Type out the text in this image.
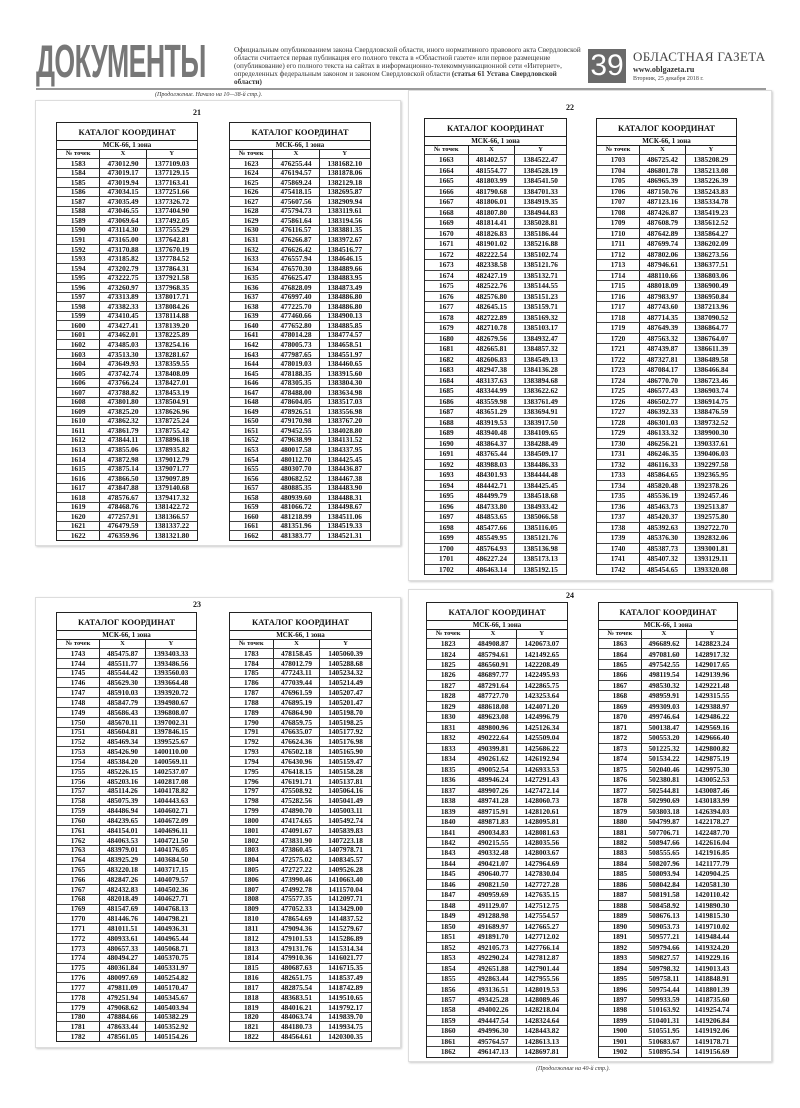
ДОКУМЕНТЫ	Официальным опубликованием закона Свердловской области, иного нормативного правового акта Свердловской области считается первая публикация его полного текста в «Областной газете» или первое размещение (опубликование) его полного текста на сайтах в информационно-телекоммуникационной сети «Интернет», определенных федеральным законом и законом Свердловской области (статья 61 Устава Свердловской области)	39 ОБЛАСТНАЯ ГАЗЕТА
www.oblgazeta.ru
Вторник, 25 декабря 2018 г.
(Продолжение. Начало на 10—38-й стр.).
(Продолжение на 40-й стр.).
21
КАТАЛОГ КООРДИНАТ
МСК-66, 1 зона
№ точек	X	Y
1583	473012.90	1377109.03
1584	473019.17	1377129.15
1585	473019.94	1377163.41
1586	473034.15	1377251.66
1587	473035.49	1377326.72
1588	473046.55	1377404.90
1589	473069.64	1377492.05
1590	473114.30	1377555.29
1591	473165.00	1377642.81
1592	473170.88	1377670.19
1593	473185.82	1377784.52
1594	473202.79	1377864.31
1595	473222.75	1377921.58
1596	473260.97	1377968.35
1597	473313.89	1378017.71
1598	473382.33	1378084.26
1599	473410.45	1378114.88
1600	473427.41	1378139.20
1601	473462.01	1378225.89
1602	473485.03	1378254.16
1603	473513.30	1378281.67
1604	473649.93	1378359.55
1605	473742.74	1378408.09
1606	473766.24	1378427.01
1607	473788.82	1378453.19
1608	473801.80	1378504.91
1609	473825.20	1378626.96
1610	473862.32	1378725.24
1611	473861.79	1378755.42
1612	473844.11	1378896.18
1613	473855.06	1378935.82
1614	473872.98	1379012.79
1615	473875.14	1379071.77
1616	473866.50	1379097.89
1617	473847.88	1379140.68
1618	478576.67	1379417.32
1619	478468.76	1381422.72
1620	477257.91	1381366.57
1621	476479.59	1381337.22
1622	476359.96	1381321.80
КАТАЛОГ КООРДИНАТ
МСК-66, 1 зона
№ точек	X	Y
1623	476255.44	1381682.10
1624	476194.57	1381878.06
1625	475869.24	1382129.18
1626	475418.15	1382695.87
1627	475607.56	1382909.94
1628	475794.73	1383119.61
1629	475861.64	1383194.56
1630	476116.57	1383881.35
1631	476266.87	1383972.67
1632	476626.42	1384516.77
1633	476557.94	1384646.15
1634	476570.30	1384889.66
1635	476625.47	1384883.95
1636	476828.09	1384873.49
1637	476997.40	1384886.80
1638	477225.70	1384886.80
1639	477460.66	1384900.13
1640	477652.80	1384885.85
1641	478014.28	1384774.57
1642	478005.73	1384658.51
1643	477987.65	1384551.97
1644	478019.03	1384460.65
1645	478188.35	1383915.60
1646	478305.35	1383804.30
1647	478488.00	1383634.98
1648	478604.05	1383517.03
1649	478926.51	1383556.98
1650	479170.98	1383767.20
1651	479452.55	1384028.80
1652	479638.99	1384131.52
1653	480017.58	1384337.95
1654	480112.70	1384425.45
1655	480307.70	1384436.87
1656	480682.52	1384467.38
1657	480885.35	1384483.90
1658	480939.60	1384488.31
1659	481066.72	1384498.67
1660	481218.99	1384511.06
1661	481351.96	1384519.33
1662	481383.77	1384521.31
22
КАТАЛОГ КООРДИНАТ
МСК-66, 1 зона
№ точек	X	Y
1663	481402.57	1384522.47
1664	481554.77	1384528.19
1665	481803.99	1384541.50
1666	481790.68	1384701.33
1667	481806.01	1384919.35
1668	481807.80	1384944.83
1669	481814.41	1385028.81
1670	481826.83	1385186.44
1671	481901.02	1385216.88
1672	482222.54	1385102.74
1673	482338.58	1385121.76
1674	482427.19	1385132.71
1675	482522.76	1385144.55
1676	482576.80	1385151.23
1677	482645.15	1385159.71
1678	482722.89	1385169.32
1679	482710.78	1385103.17
1680	482679.56	1384932.47
1681	482665.81	1384857.32
1682	482606.83	1384549.13
1683	482947.38	1384136.28
1684	483137.63	1383894.68
1685	483344.99	1383622.62
1686	483559.98	1383761.49
1687	483651.29	1383694.91
1688	483919.53	1383917.50
1689	483940.48	1384109.65
1690	483864.37	1384288.49
1691	483765.44	1384509.17
1692	483988.03	1384486.33
1693	484301.93	1384444.48
1694	484442.71	1384425.45
1695	484499.79	1384518.68
1696	484733.80	1384933.42
1697	484853.65	1385066.58
1698	485477.66	1385116.05
1699	485549.95	1385121.76
1700	485764.93	1385136.98
1701	486227.24	1385173.13
1702	486463.14	1385192.15
КАТАЛОГ КООРДИНАТ
МСК-66, 1 зона
№ точек	X	Y
1703	486725.42	1385208.29
1704	486801.78	1385213.08
1705	486965.39	1385226.39
1706	487150.76	1385243.83
1707	487123.16	1385334.78
1708	487426.87	1385419.23
1709	487608.79	1385612.52
1710	487642.89	1385864.27
1711	487699.74	1386202.09
1712	487802.06	1386273.56
1713	487946.61	1386377.51
1714	488110.66	1386803.06
1715	488018.09	1386900.49
1716	487983.97	1386950.84
1717	487743.60	1387213.96
1718	487714.35	1387090.52
1719	487649.39	1386864.77
1720	487563.32	1386764.07
1721	487439.87	1386611.39
1722	487327.81	1386489.58
1723	487084.17	1386466.84
1724	486770.70	1386723.46
1725	486577.43	1386903.74
1726	486502.77	1386914.75
1727	486392.33	1388476.59
1728	486301.03	1389732.52
1729	486133.32	1389900.30
1730	486256.21	1390337.61
1731	486246.35	1390406.03
1732	486116.33	1392297.58
1733	485864.65	1392365.95
1734	485820.48	1392378.26
1735	485536.19	1392457.46
1736	485463.73	1392513.87
1737	485420.37	1392575.80
1738	485392.63	1392722.70
1739	485376.30	1392832.06
1740	485387.73	1393001.81
1741	485407.32	1393129.11
1742	485454.65	1393320.08
23
КАТАЛОГ КООРДИНАТ
МСК-66, 1 зона
№ точек	X	Y
1743	485475.87	1393403.33
1744	485511.77	1393486.56
1745	485544.42	1393560.03
1746	485629.30	1393664.48
1747	485910.03	1393920.72
1748	485847.79	1394980.67
1749	485686.43	1396808.07
1750	485670.11	1397002.31
1751	485604.81	1397846.15
1752	485469.34	1399525.67
1753	485426.90	1400110.00
1754	485384.20	1400569.11
1755	485226.15	1402537.07
1756	485203.16	1402817.08
1757	485114.26	1404178.82
1758	485075.39	1404443.63
1759	484486.94	1404602.71
1760	484239.65	1404672.09
1761	484154.01	1404696.11
1762	484063.53	1404721.50
1763	483979.01	1404176.05
1764	483925.29	1403684.50
1765	483220.18	1403717.15
1766	482847.26	1404079.57
1767	482432.83	1404502.36
1768	482018.49	1404627.71
1769	481547.69	1404768.13
1770	481446.76	1404798.21
1771	481011.51	1404936.31
1772	480933.61	1404965.44
1773	480657.33	1405068.71
1774	480494.27	1405370.75
1775	480361.84	1405331.97
1776	480097.69	1405254.82
1777	479811.09	1405170.47
1778	479251.94	1405345.67
1779	479068.62	1405403.94
1780	478884.66	1405382.29
1781	478633.44	1405352.92
1782	478561.05	1405154.26
КАТАЛОГ КООРДИНАТ
МСК-66, 1 зона
№ точек	X	Y
1783	478158.45	1405060.39
1784	478012.79	1405288.68
1785	477243.11	1405234.32
1786	477039.44	1405214.49
1787	476961.59	1405207.47
1788	476895.19	1405201.47
1789	476864.90	1405198.70
1790	476859.75	1405198.25
1791	476635.07	1405177.92
1792	476624.36	1405176.98
1793	476502.18	1405165.90
1794	476430.96	1405159.47
1795	476418.15	1405158.28
1796	476191.71	1405137.81
1797	475508.92	1405064.16
1798	475282.56	1405041.49
1799	474890.70	1405003.11
1800	474174.65	1405492.74
1801	474091.67	1405839.83
1802	473831.90	1407223.18
1803	473860.45	1407978.71
1804	472575.02	1408345.57
1805	472727.22	1409526.28
1806	473990.46	1410663.40
1807	474992.78	1411570.04
1808	475577.35	1412097.71
1809	477052.33	1413429.00
1810	478654.69	1414837.52
1811	479094.36	1415279.67
1812	479101.53	1415286.89
1813	479131.76	1415314.34
1814	479910.36	1416021.77
1815	480687.63	1416715.35
1816	482651.75	1418537.49
1817	482875.54	1418742.89
1818	483683.51	1419510.65
1819	484016.21	1419792.17
1820	484063.74	1419839.70
1821	484180.73	1419934.75
1822	484564.61	1420300.35
24
КАТАЛОГ КООРДИНАТ
МСК-66, 1 зона
№ точек	X	Y
1823	484908.87	1420673.07
1824	485794.61	1421492.65
1825	486560.91	1422208.49
1826	486897.77	1422495.93
1827	487291.64	1422865.75
1828	487727.70	1423253.64
1829	488618.08	1424071.20
1830	489623.08	1424996.79
1831	489800.96	1425126.34
1832	490222.64	1425509.04
1833	490399.81	1425686.22
1834	490261.62	1426192.94
1835	490052.54	1426933.53
1836	489946.24	1427291.43
1837	489907.26	1427472.14
1838	489741.28	1428060.73
1839	489715.91	1428120.61
1840	489871.83	1428095.81
1841	490034.83	1428081.63
1842	490215.55	1428035.56
1843	490332.48	1428003.67
1844	490421.07	1427964.69
1845	490640.77	1427830.04
1846	490821.50	1427727.28
1847	490959.69	1427635.15
1848	491129.07	1427512.75
1849	491288.98	1427554.57
1850	491689.97	1427665.27
1851	491891.70	1427712.02
1852	492105.73	1427766.14
1853	492290.24	1427812.87
1854	492651.88	1427901.44
1855	492863.44	1427955.56
1856	493136.51	1428019.53
1857	493425.28	1428089.46
1858	494002.26	1428218.04
1859	494447.54	1428324.64
1860	494996.30	1428443.82
1861	495764.57	1428613.13
1862	496147.13	1428697.81
КАТАЛОГ КООРДИНАТ
МСК-66, 1 зона
№ точек	X	Y
1863	496689.62	1428823.24
1864	497081.60	1428917.32
1865	497542.55	1429017.65
1866	498119.54	1429139.96
1867	498530.32	1429221.48
1868	498959.91	1429315.55
1869	499309.03	1429388.97
1870	499746.64	1429486.22
1871	500138.47	1429569.16
1872	500553.20	1429666.40
1873	501225.32	1429800.82
1874	501534.22	1429875.19
1875	502040.46	1429975.30
1876	502380.81	1430052.53
1877	502544.81	1430087.46
1878	502990.69	1430183.99
1879	503803.18	1426394.03
1880	504799.87	1422178.27
1881	507706.71	1422487.70
1882	508947.66	1422616.04
1883	508555.65	1421916.85
1884	508207.96	1421177.79
1885	508093.94	1420904.25
1886	508042.84	1420581.30
1887	508191.58	1420110.42
1888	508458.92	1419890.30
1889	508676.13	1419815.30
1890	509053.73	1419710.02
1891	509577.21	1419484.44
1892	509794.66	1419324.20
1893	509827.57	1419229.16
1894	509798.32	1419013.43
1895	509758.11	1418848.91
1896	509754.44	1418801.39
1897	509933.59	1418735.60
1898	510163.92	1419254.74
1899	510401.31	1419206.84
1900	510551.95	1419192.06
1901	510683.67	1419178.71
1902	510895.54	1419156.69
